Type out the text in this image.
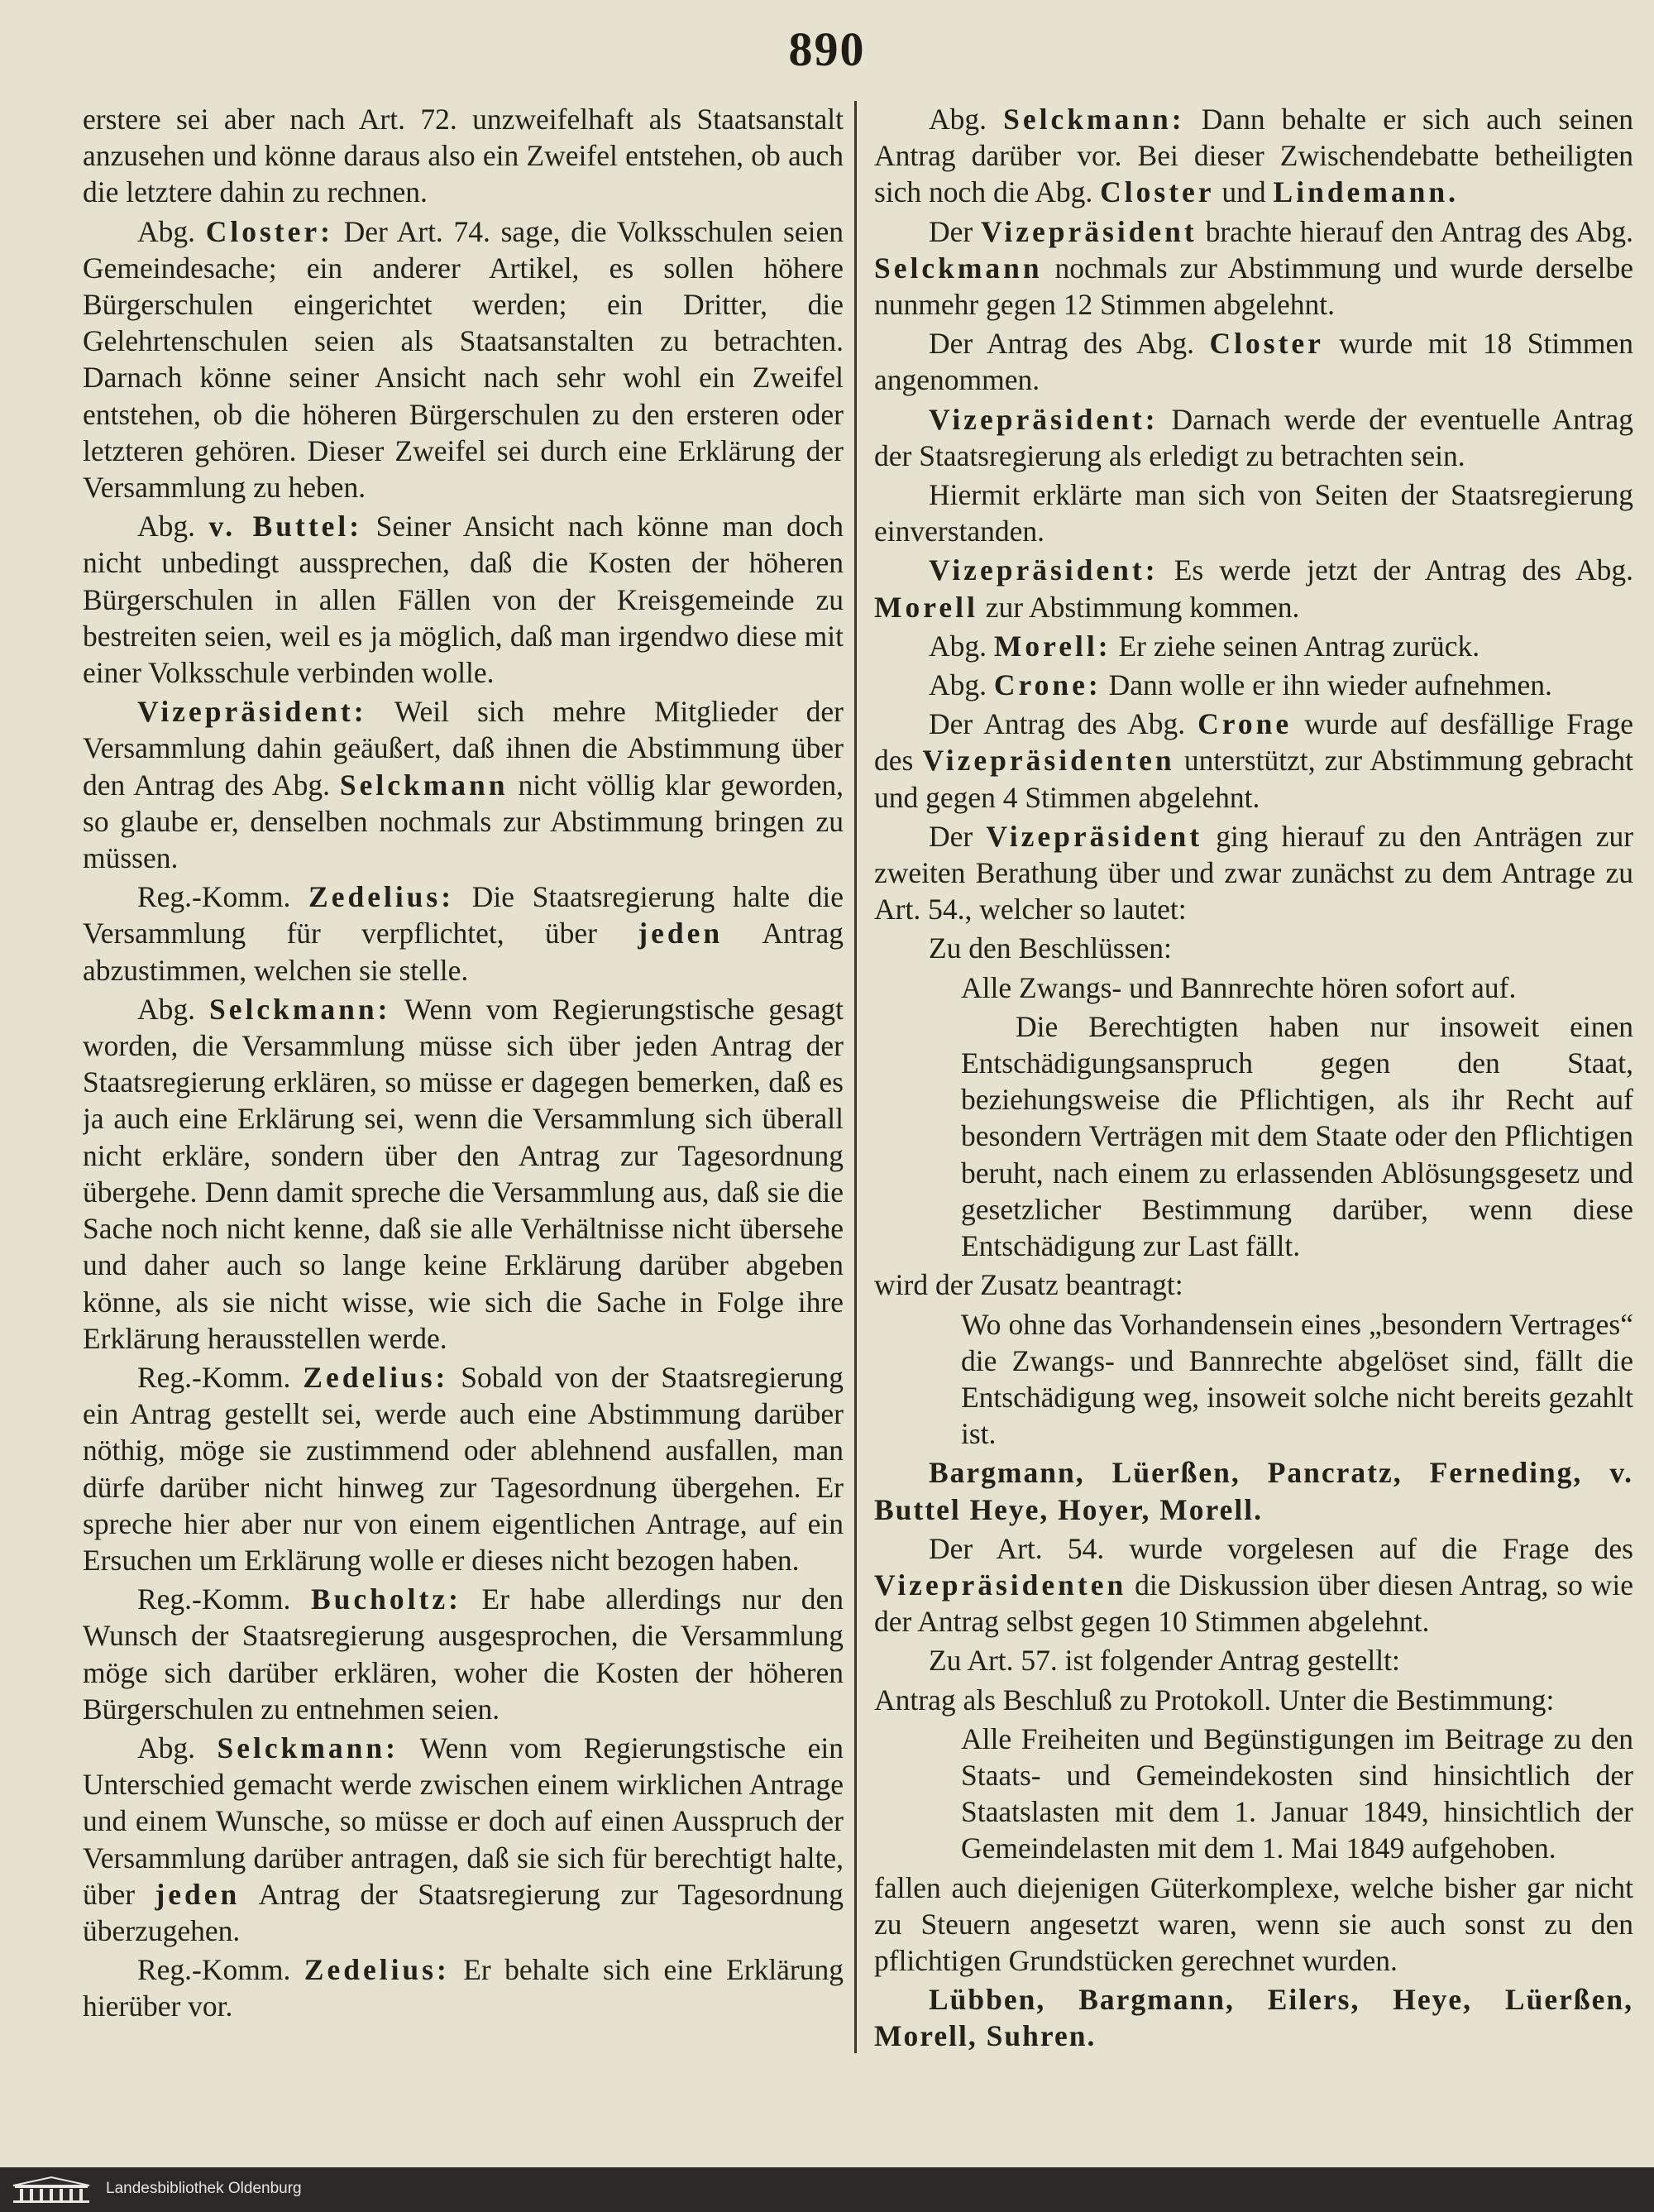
890

erstere sei aber nach Art. 72. unzweifelhaft als Staatsanstalt anzusehen und könne daraus also ein Zweifel entstehen, ob auch die letztere dahin zu rechnen.

Abg. Closter: Der Art. 74. sage, die Volksschulen seien Gemeindesache; ein anderer Artikel, es sollen höhere Bürgerschulen eingerichtet werden; ein Dritter, die Gelehrtenschulen seien als Staatsanstalten zu betrachten. Darnach könne seiner Ansicht nach sehr wohl ein Zweifel entstehen, ob die höheren Bürgerschulen zu den ersteren oder letzteren gehören. Dieser Zweifel sei durch eine Erklärung der Versammlung zu heben.

Abg. v. Buttel: Seiner Ansicht nach könne man doch nicht unbedingt aussprechen, daß die Kosten der höheren Bürgerschulen in allen Fällen von der Kreisgemeinde zu bestreiten seien, weil es ja möglich, daß man irgendwo diese mit einer Volksschule verbinden wolle.

Vizepräsident: Weil sich mehre Mitglieder der Versammlung dahin geäußert, daß ihnen die Abstimmung über den Antrag des Abg. Selckmann nicht völlig klar geworden, so glaube er, denselben nochmals zur Abstimmung bringen zu müssen.

Reg.-Komm. Zedelius: Die Staatsregierung halte die Versammlung für verpflichtet, über jeden Antrag abzustimmen, welchen sie stelle.

Abg. Selckmann: Wenn vom Regierungstische gesagt worden, die Versammlung müsse sich über jeden Antrag der Staatsregierung erklären, so müsse er dagegen bemerken, daß es ja auch eine Erklärung sei, wenn die Versammlung sich überall nicht erkläre, sondern über den Antrag zur Tagesordnung übergehe. Denn damit spreche die Versammlung aus, daß sie die Sache noch nicht kenne, daß sie alle Verhältnisse nicht übersehe und daher auch so lange keine Erklärung darüber abgeben könne, als sie nicht wisse, wie sich die Sache in Folge ihre Erklärung herausstellen werde.

Reg.-Komm. Zedelius: Sobald von der Staatsregierung ein Antrag gestellt sei, werde auch eine Abstimmung darüber nöthig, möge sie zustimmend oder ablehnend ausfallen, man dürfe darüber nicht hinweg zur Tagesordnung übergehen. Er spreche hier aber nur von einem eigentlichen Antrage, auf ein Ersuchen um Erklärung wolle er dieses nicht bezogen haben.

Reg.-Komm. Bucholtz: Er habe allerdings nur den Wunsch der Staatsregierung ausgesprochen, die Versammlung möge sich darüber erklären, woher die Kosten der höheren Bürgerschulen zu entnehmen seien.

Abg. Selckmann: Wenn vom Regierungstische ein Unterschied gemacht werde zwischen einem wirklichen Antrage und einem Wunsche, so müsse er doch auf einen Ausspruch der Versammlung darüber antragen, daß sie sich für berechtigt halte, über jeden Antrag der Staatsregierung zur Tagesordnung überzugehen.

Reg.-Komm. Zedelius: Er behalte sich eine Erklärung hierüber vor.

Abg. Selckmann: Dann behalte er sich auch seinen Antrag darüber vor. Bei dieser Zwischendebatte betheiligten sich noch die Abg. Closter und Lindemann.

Der Vizepräsident brachte hierauf den Antrag des Abg. Selckmann nochmals zur Abstimmung und wurde derselbe nunmehr gegen 12 Stimmen abgelehnt.

Der Antrag des Abg. Closter wurde mit 18 Stimmen angenommen.

Vizepräsident: Darnach werde der eventuelle Antrag der Staatsregierung als erledigt zu betrachten sein.

Hiermit erklärte man sich von Seiten der Staatsregierung einverstanden.

Vizepräsident: Es werde jetzt der Antrag des Abg. Morell zur Abstimmung kommen.

Abg. Morell: Er ziehe seinen Antrag zurück.

Abg. Crone: Dann wolle er ihn wieder aufnehmen.

Der Antrag des Abg. Crone wurde auf desfällige Frage des Vizepräsidenten unterstützt, zur Abstimmung gebracht und gegen 4 Stimmen abgelehnt.

Der Vizepräsident ging hierauf zu den Anträgen zur zweiten Berathung über und zwar zunächst zu dem Antrage zu Art. 54., welcher so lautet:

Zu den Beschlüssen:

Alle Zwangs- und Bannrechte hören sofort auf.

Die Berechtigten haben nur insoweit einen Entschädigungsanspruch gegen den Staat, beziehungsweise die Pflichtigen, als ihr Recht auf besondern Verträgen mit dem Staate oder den Pflichtigen beruht, nach einem zu erlassenden Ablösungsgesetz und gesetzlicher Bestimmung darüber, wenn diese Entschädigung zur Last fällt.

wird der Zusatz beantragt:

Wo ohne das Vorhandensein eines „besondern Vertrages“ die Zwangs- und Bannrechte abgelöset sind, fällt die Entschädigung weg, insoweit solche nicht bereits gezahlt ist.

Bargmann, Lüerßen, Pancratz, Ferneding, v. Buttel Heye, Hoyer, Morell.

Der Art. 54. wurde vorgelesen auf die Frage des Vizepräsidenten die Diskussion über diesen Antrag, so wie der Antrag selbst gegen 10 Stimmen abgelehnt.

Zu Art. 57. ist folgender Antrag gestellt:

Antrag als Beschluß zu Protokoll. Unter die Bestimmung:

Alle Freiheiten und Begünstigungen im Beitrage zu den Staats- und Gemeindekosten sind hinsichtlich der Staatslasten mit dem 1. Januar 1849, hinsichtlich der Gemeindelasten mit dem 1. Mai 1849 aufgehoben.

fallen auch diejenigen Güterkomplexe, welche bisher gar nicht zu Steuern angesetzt waren, wenn sie auch sonst zu den pflichtigen Grundstücken gerechnet wurden.

Lübben, Bargmann, Eilers, Heye, Lüerßen, Morell, Suhren.

Landesbibliothek Oldenburg
